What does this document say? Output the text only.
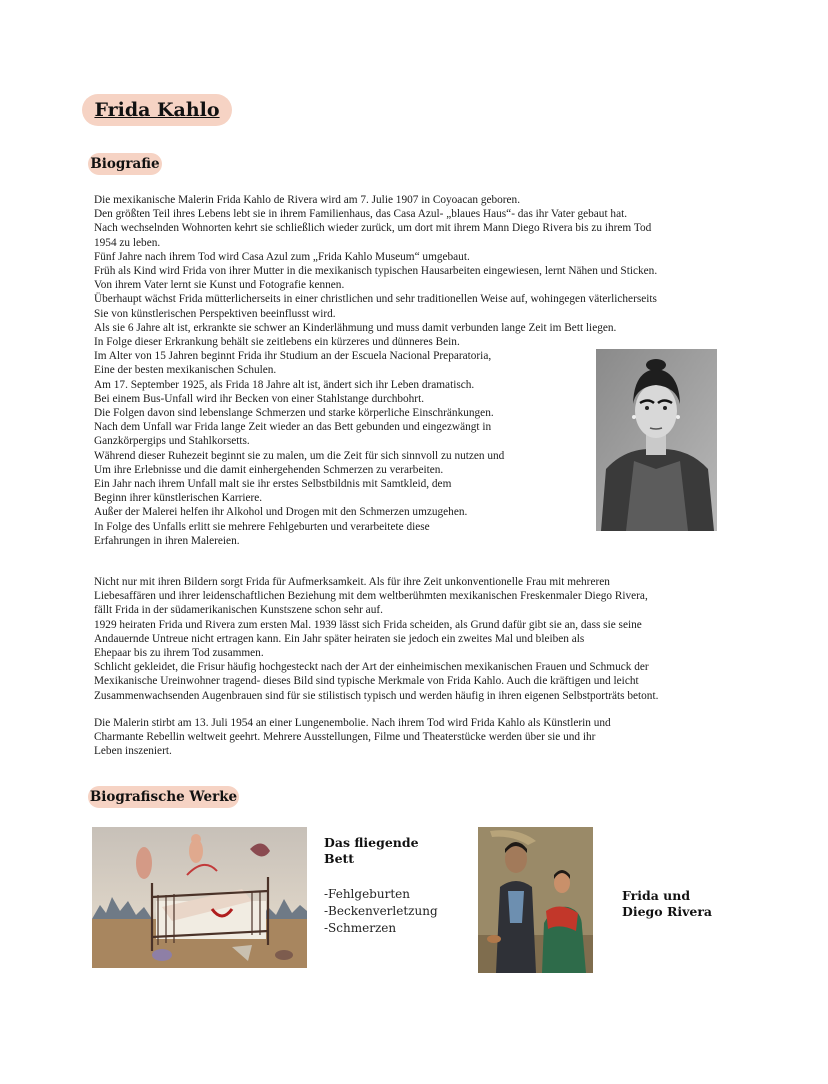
Frida Kahlo
Biografie
Die mexikanische Malerin Frida Kahlo de Rivera wird am 7. Julie 1907 in Coyoacan geboren.
Den größten Teil ihres Lebens lebt sie in ihrem Familienhaus, das Casa Azul- „blaues Haus“- das ihr Vater gebaut hat.
Nach wechselnden Wohnorten kehrt sie schließlich wieder zurück, um dort mit ihrem Mann Diego Rivera bis zu ihrem Tod
1954 zu leben.
Fünf Jahre nach ihrem Tod wird Casa Azul zum „Frida Kahlo Museum“ umgebaut.
Früh als Kind wird Frida von ihrer Mutter in die mexikanisch typischen Hausarbeiten eingewiesen, lernt Nähen und Sticken.
Von ihrem Vater lernt sie Kunst und Fotografie kennen.
Überhaupt wächst Frida mütterlicherseits in einer christlichen und sehr traditionellen Weise auf, wohingegen väterlicherseits
Sie von künstlerischen Perspektiven beeinflusst wird.
Als sie 6 Jahre alt ist, erkrankte sie schwer an Kinderlähmung und muss damit verbunden lange Zeit im Bett liegen.
In Folge dieser Erkrankung behält sie zeitlebens ein kürzeres und dünneres Bein.
Im Alter von 15 Jahren beginnt Frida ihr Studium an der Escuela Nacional Preparatoria,
Eine der besten mexikanischen Schulen.
Am 17. September 1925, als Frida 18 Jahre alt ist, ändert sich ihr Leben dramatisch.
Bei einem Bus-Unfall wird ihr Becken von einer Stahlstange durchbohrt.
Die Folgen davon sind lebenslange Schmerzen und starke körperliche Einschränkungen.
Nach dem Unfall war Frida lange Zeit wieder an das Bett gebunden und eingezwängt in
Ganzkörpergips und Stahlkorsetts.
Während dieser Ruhezeit beginnt sie zu malen, um die Zeit für sich sinnvoll zu nutzen und
Um ihre Erlebnisse und die damit einhergehenden Schmerzen zu verarbeiten.
Ein Jahr nach ihrem Unfall malt sie ihr erstes Selbstbildnis mit Samtkleid, dem
Beginn ihrer künstlerischen Karriere.
Außer der Malerei helfen ihr Alkohol und Drogen mit den Schmerzen umzugehen.
In Folge des Unfalls erlitt sie mehrere Fehlgeburten und verarbeitete diese
Erfahrungen in ihren Malereien.
Nicht nur mit ihren Bildern sorgt Frida für Aufmerksamkeit. Als für ihre Zeit unkonventionelle Frau mit mehreren
Liebesaffären und ihrer leidenschaftlichen Beziehung mit dem weltberühmten mexikanischen Freskenmaler Diego Rivera,
fällt Frida in der südamerikanischen Kunstszene schon sehr auf.
1929 heiraten Frida und Rivera zum ersten Mal. 1939 lässt sich Frida scheiden, als Grund dafür gibt sie an, dass sie seine
Andauernde Untreue nicht ertragen kann. Ein Jahr später heiraten sie jedoch ein zweites Mal und bleiben als
Ehepaar bis zu ihrem Tod zusammen.
Schlicht gekleidet, die Frisur häufig hochgesteckt nach der Art der einheimischen mexikanischen Frauen und Schmuck der
Mexikanische Ureinwohner tragend- dieses Bild sind typische Merkmale von Frida Kahlo. Auch die kräftigen und leicht
Zusammenwachsenden Augenbrauen sind für sie stilistisch typisch und werden häufig in ihren eigenen Selbstporträts betont.
Die Malerin stirbt am 13. Juli 1954 an einer Lungenembolie. Nach ihrem Tod wird Frida Kahlo als Künstlerin und
Charmante Rebellin weltweit geehrt. Mehrere Ausstellungen, Filme und Theaterstücke werden über sie und ihr
Leben inszeniert.
Biografische Werke
Das fliegende
Bett
-Fehlgeburten
-Beckenverletzung
-Schmerzen
Frida und
Diego Rivera
